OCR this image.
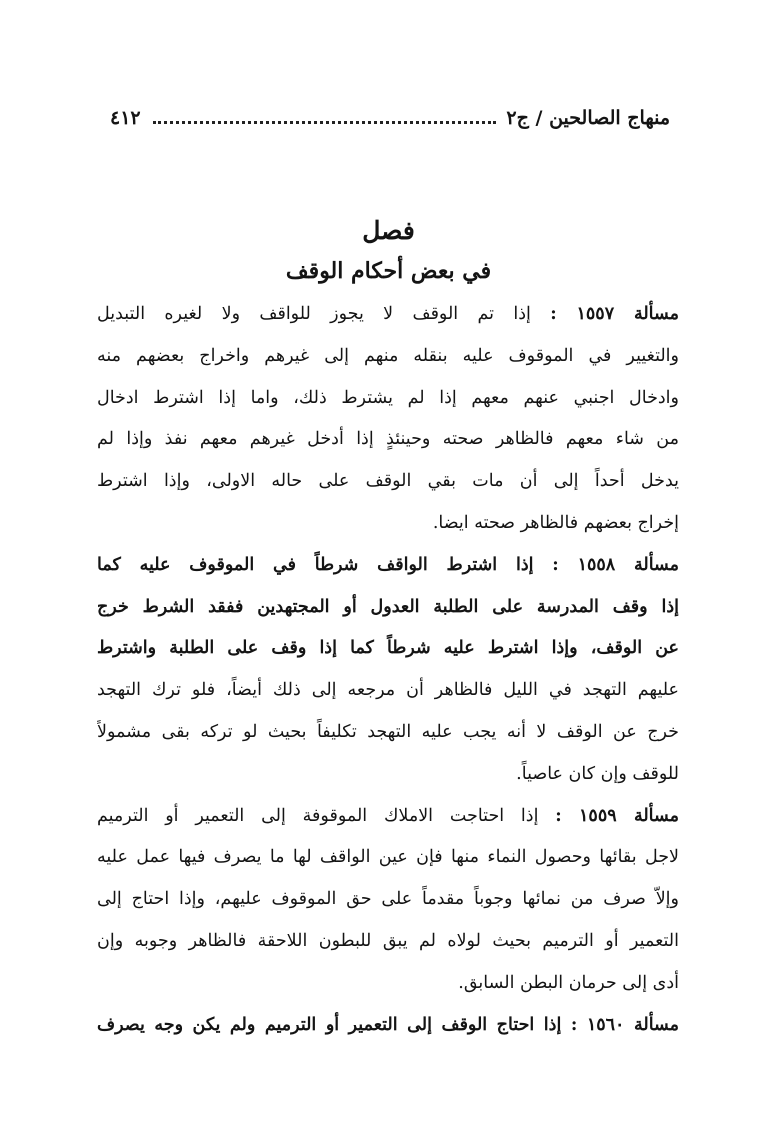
منهاج الصالحين / ج٢
٤١٢
فصل
في بعض أحكام الوقف
مسألة ١٥٥٧ : إذا تم الوقف لا يجوز للواقف ولا لغيره التبديل
والتغيير في الموقوف عليه بنقله منهم إلى غيرهم واخراج بعضهم منه
وادخال اجنبي عنهم معهم إذا لم يشترط ذلك، واما إذا اشترط ادخال
من شاء معهم فالظاهر صحته وحينئذٍ إذا أدخل غيرهم معهم نفذ وإذا لم
يدخل أحداً إلى أن مات بقي الوقف على حاله الاولى، وإذا اشترط
إخراج بعضهم فالظاهر صحته ايضا.
مسألة ١٥٥٨ : إذا اشترط الواقف شرطاً في الموقوف عليه كما
إذا وقف المدرسة على الطلبة العدول أو المجتهدين ففقد الشرط خرج
عن الوقف، وإذا اشترط عليه شرطاً كما إذا وقف على الطلبة واشترط
عليهم التهجد في الليل فالظاهر أن مرجعه إلى ذلك أيضاً، فلو ترك التهجد
خرج عن الوقف لا أنه يجب عليه التهجد تكليفاً بحيث لو تركه بقى مشمولاً
للوقف وإن كان عاصياً.
مسألة ١٥٥٩ : إذا احتاجت الاملاك الموقوفة إلى التعمير أو الترميم
لاجل بقائها وحصول النماء منها فإن عين الواقف لها ما يصرف فيها عمل عليه
وإلاّ صرف من نمائها وجوباً مقدماً على حق الموقوف عليهم، وإذا احتاج إلى
التعمير أو الترميم بحيث لولاه لم يبق للبطون اللاحقة فالظاهر وجوبه وإن
أدى إلى حرمان البطن السابق.
مسألة ١٥٦٠ : إذا احتاج الوقف إلى التعمير أو الترميم ولم يكن وجه يصرف
